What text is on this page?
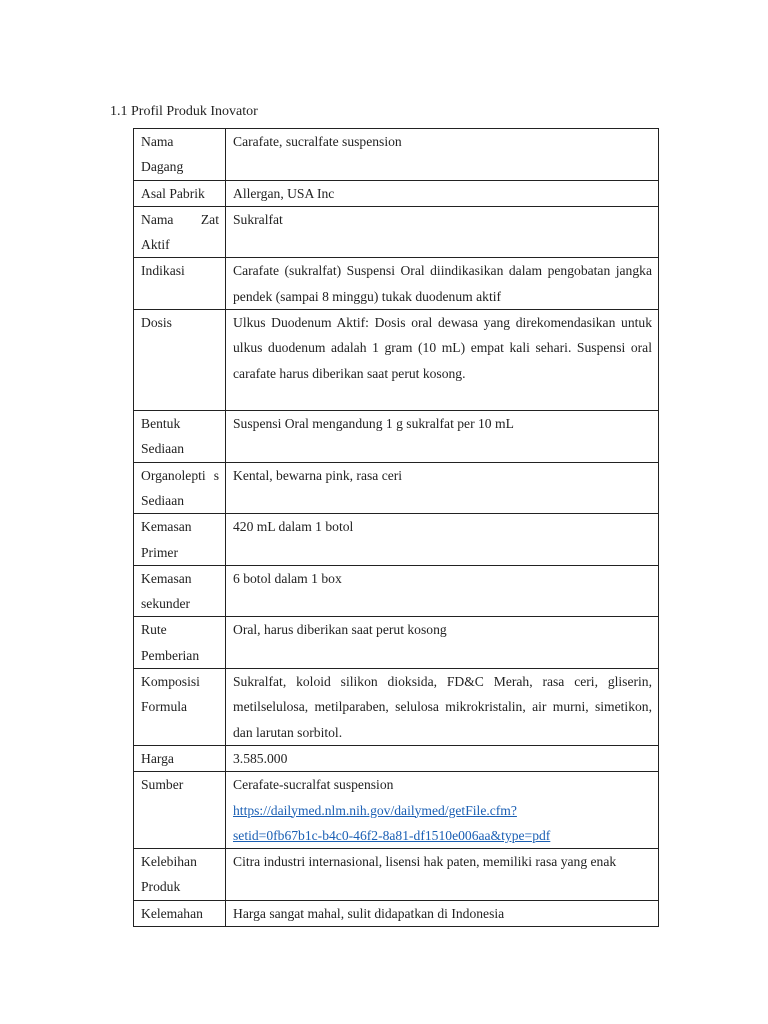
1.1 Profil Produk Inovator
Nama Dagang	Carafate, sucralfate suspension
Asal Pabrik	Allergan, USA Inc
Nama Zat Aktif	Sukralfat
Indikasi	Carafate (sukralfat) Suspensi Oral diindikasikan dalam pengobatan jangka pendek (sampai 8 minggu) tukak duodenum aktif
Dosis	Ulkus Duodenum Aktif: Dosis oral dewasa yang direkomendasikan untuk ulkus duodenum adalah 1 gram (10 mL) empat kali sehari. Suspensi oral carafate harus diberikan saat perut kosong.
Bentuk Sediaan	Suspensi Oral mengandung 1 g sukralfat per 10 mL
Organolepti s Sediaan	Kental, bewarna pink, rasa ceri
Kemasan Primer	420 mL dalam 1 botol
Kemasan sekunder	6 botol dalam 1 box
Rute Pemberian	Oral, harus diberikan saat perut kosong
Komposisi Formula	Sukralfat, koloid silikon dioksida, FD&C Merah, rasa ceri, gliserin, metilselulosa, metilparaben, selulosa mikrokristalin, air murni, simetikon, dan larutan sorbitol.
Harga	3.585.000
Sumber	Cerafate-sucralfat suspension
https://dailymed.nlm.nih.gov/dailymed/getFile.cfm?
setid=0fb67b1c-b4c0-46f2-8a81-df1510e006aa&type=pdf
Kelebihan Produk	Citra industri internasional, lisensi hak paten, memiliki rasa yang enak
Kelemahan	Harga sangat mahal, sulit didapatkan di Indonesia
